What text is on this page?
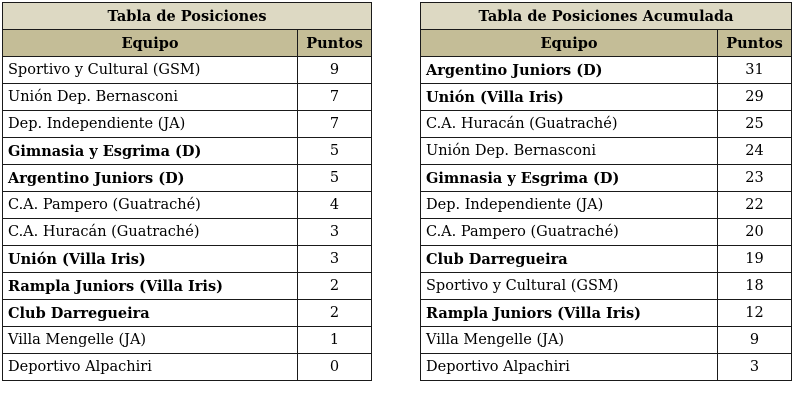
Tabla de Posiciones	
Equipo	Puntos
Sportivo y Cultural (GSM)	9
Unión Dep. Bernasconi	7
Dep. Independiente (JA)	7
Gimnasia y Esgrima (D)	5
Argentino Juniors (D)	5
C.A. Pampero (Guatraché)	4
C.A. Huracán (Guatraché)	3
Unión (Villa Iris)	3
Rampla Juniors (Villa Iris)	2
Club Darregueira	2
Villa Mengelle (JA)	1
Deportivo Alpachiri	0
Tabla de Posiciones Acumulada	
Equipo	Puntos
Argentino Juniors (D)	31
Unión (Villa Iris)	29
C.A. Huracán (Guatraché)	25
Unión Dep. Bernasconi	24
Gimnasia y Esgrima (D)	23
Dep. Independiente (JA)	22
C.A. Pampero (Guatraché)	20
Club Darregueira	19
Sportivo y Cultural (GSM)	18
Rampla Juniors (Villa Iris)	12
Villa Mengelle (JA)	9
Deportivo Alpachiri	3
